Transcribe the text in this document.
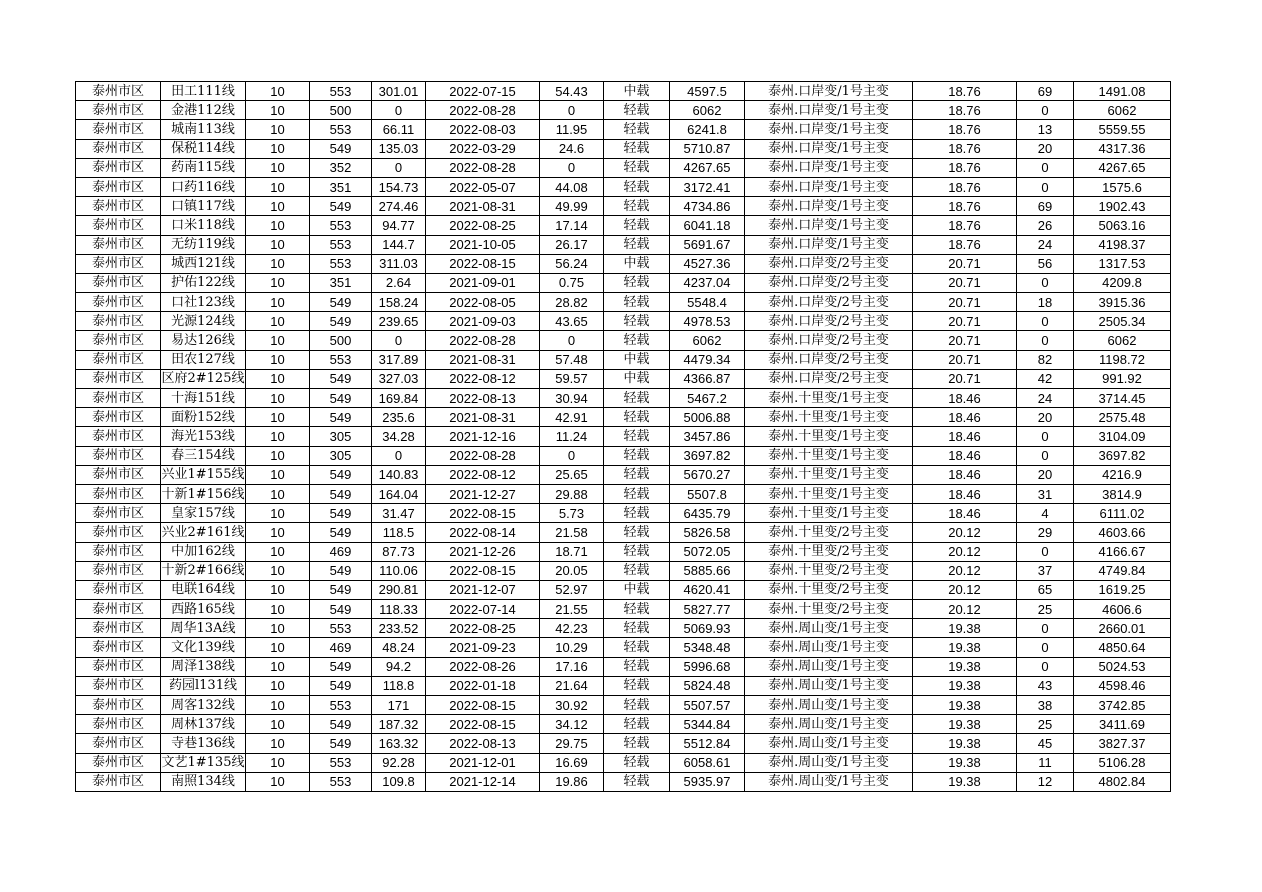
泰州市区	田工111线	10	553	301.01	2022-07-15	54.43	中载	4597.5	泰州.口岸变/1号主变	18.76	69	1491.08
泰州市区	金港112线	10	500	0	2022-08-28	0	轻载	6062	泰州.口岸变/1号主变	18.76	0	6062
泰州市区	城南113线	10	553	66.11	2022-08-03	11.95	轻载	6241.8	泰州.口岸变/1号主变	18.76	13	5559.55
泰州市区	保税114线	10	549	135.03	2022-03-29	24.6	轻载	5710.87	泰州.口岸变/1号主变	18.76	20	4317.36
泰州市区	药南115线	10	352	0	2022-08-28	0	轻载	4267.65	泰州.口岸变/1号主变	18.76	0	4267.65
泰州市区	口药116线	10	351	154.73	2022-05-07	44.08	轻载	3172.41	泰州.口岸变/1号主变	18.76	0	1575.6
泰州市区	口镇117线	10	549	274.46	2021-08-31	49.99	轻载	4734.86	泰州.口岸变/1号主变	18.76	69	1902.43
泰州市区	口米118线	10	553	94.77	2022-08-25	17.14	轻载	6041.18	泰州.口岸变/1号主变	18.76	26	5063.16
泰州市区	无纺119线	10	553	144.7	2021-10-05	26.17	轻载	5691.67	泰州.口岸变/1号主变	18.76	24	4198.37
泰州市区	城西121线	10	553	311.03	2022-08-15	56.24	中载	4527.36	泰州.口岸变/2号主变	20.71	56	1317.53
泰州市区	护佑122线	10	351	2.64	2021-09-01	0.75	轻载	4237.04	泰州.口岸变/2号主变	20.71	0	4209.8
泰州市区	口社123线	10	549	158.24	2022-08-05	28.82	轻载	5548.4	泰州.口岸变/2号主变	20.71	18	3915.36
泰州市区	光源124线	10	549	239.65	2021-09-03	43.65	轻载	4978.53	泰州.口岸变/2号主变	20.71	0	2505.34
泰州市区	易达126线	10	500	0	2022-08-28	0	轻载	6062	泰州.口岸变/2号主变	20.71	0	6062
泰州市区	田农127线	10	553	317.89	2021-08-31	57.48	中载	4479.34	泰州.口岸变/2号主变	20.71	82	1198.72
泰州市区	区府2#125线	10	549	327.03	2022-08-12	59.57	中载	4366.87	泰州.口岸变/2号主变	20.71	42	991.92
泰州市区	十海151线	10	549	169.84	2022-08-13	30.94	轻载	5467.2	泰州.十里变/1号主变	18.46	24	3714.45
泰州市区	面粉152线	10	549	235.6	2021-08-31	42.91	轻载	5006.88	泰州.十里变/1号主变	18.46	20	2575.48
泰州市区	海光153线	10	305	34.28	2021-12-16	11.24	轻载	3457.86	泰州.十里变/1号主变	18.46	0	3104.09
泰州市区	春三154线	10	305	0	2022-08-28	0	轻载	3697.82	泰州.十里变/1号主变	18.46	0	3697.82
泰州市区	兴业1#155线	10	549	140.83	2022-08-12	25.65	轻载	5670.27	泰州.十里变/1号主变	18.46	20	4216.9
泰州市区	十新1#156线	10	549	164.04	2021-12-27	29.88	轻载	5507.8	泰州.十里变/1号主变	18.46	31	3814.9
泰州市区	皇家157线	10	549	31.47	2022-08-15	5.73	轻载	6435.79	泰州.十里变/1号主变	18.46	4	6111.02
泰州市区	兴业2#161线	10	549	118.5	2022-08-14	21.58	轻载	5826.58	泰州.十里变/2号主变	20.12	29	4603.66
泰州市区	中加162线	10	469	87.73	2021-12-26	18.71	轻载	5072.05	泰州.十里变/2号主变	20.12	0	4166.67
泰州市区	十新2#166线	10	549	110.06	2022-08-15	20.05	轻载	5885.66	泰州.十里变/2号主变	20.12	37	4749.84
泰州市区	电联164线	10	549	290.81	2021-12-07	52.97	中载	4620.41	泰州.十里变/2号主变	20.12	65	1619.25
泰州市区	西路165线	10	549	118.33	2022-07-14	21.55	轻载	5827.77	泰州.十里变/2号主变	20.12	25	4606.6
泰州市区	周华13A线	10	553	233.52	2022-08-25	42.23	轻载	5069.93	泰州.周山变/1号主变	19.38	0	2660.01
泰州市区	文化139线	10	469	48.24	2021-09-23	10.29	轻载	5348.48	泰州.周山变/1号主变	19.38	0	4850.64
泰州市区	周泽138线	10	549	94.2	2022-08-26	17.16	轻载	5996.68	泰州.周山变/1号主变	19.38	0	5024.53
泰州市区	药园l131线	10	549	118.8	2022-01-18	21.64	轻载	5824.48	泰州.周山变/1号主变	19.38	43	4598.46
泰州市区	周客132线	10	553	171	2022-08-15	30.92	轻载	5507.57	泰州.周山变/1号主变	19.38	38	3742.85
泰州市区	周林137线	10	549	187.32	2022-08-15	34.12	轻载	5344.84	泰州.周山变/1号主变	19.38	25	3411.69
泰州市区	寺巷136线	10	549	163.32	2022-08-13	29.75	轻载	5512.84	泰州.周山变/1号主变	19.38	45	3827.37
泰州市区	文艺1#135线	10	553	92.28	2021-12-01	16.69	轻载	6058.61	泰州.周山变/1号主变	19.38	11	5106.28
泰州市区	南照134线	10	553	109.8	2021-12-14	19.86	轻载	5935.97	泰州.周山变/1号主变	19.38	12	4802.84
